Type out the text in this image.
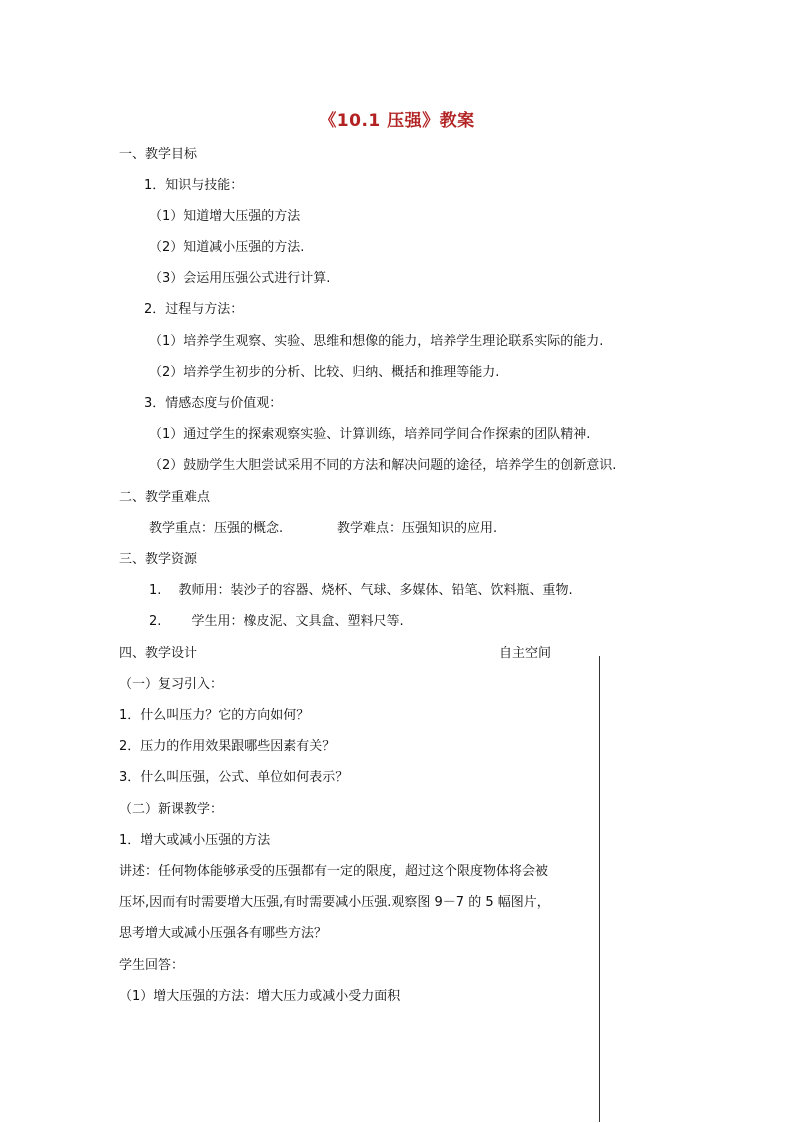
《10.1 压强》教案
一、教学目标
1．知识与技能：
（1）知道增大压强的方法
（2）知道减小压强的方法.
（3）会运用压强公式进行计算.
2．过程与方法：
（1）培养学生观察、实验、思维和想像的能力，培养学生理论联系实际的能力.
（2）培养学生初步的分析、比较、归纳、概括和推理等能力.
3．情感态度与价值观：
（1）通过学生的探索观察实验、计算训练，培养同学间合作探索的团队精神.
（2）鼓励学生大胆尝试采用不同的方法和解决问题的途径，培养学生的创新意识.
二、教学重难点
教学重点：压强的概念.	教学难点：压强知识的应用.
三、教学资源
1.　 教师用：装沙子的容器、烧杯、气球、多媒体、铅笔、饮料瓶、重物.
2.　 　学生用：橡皮泥、文具盒、塑料尺等.
四、教学设计	自主空间
（一）复习引入：
1．什么叫压力？它的方向如何？
2．压力的作用效果跟哪些因素有关？
3．什么叫压强，公式、单位如何表示？
（二）新课教学：
1．增大或减小压强的方法
讲述：任何物体能够承受的压强都有一定的限度，超过这个限度物体将会被
压坏,因而有时需要增大压强,有时需要减小压强.观察图 9－7 的 5 幅图片，
思考增大或减小压强各有哪些方法？
学生回答：
（1）增大压强的方法：增大压力或减小受力面积
